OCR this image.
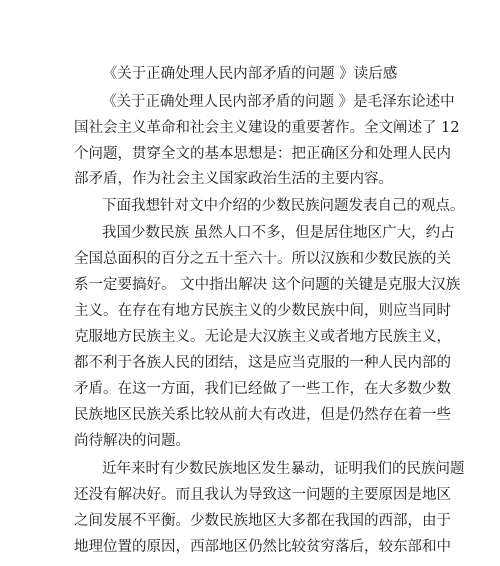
《关于正确处理人民内部矛盾的问题 》读后感
《关于正确处理人民内部矛盾的问题 》是毛泽东论述中
国社会主义革命和社会主义建设的重要著作。全文阐述了 12
个问题，贯穿全文的基本思想是：把正确区分和处理人民内
部矛盾，作为社会主义国家政治生活的主要内容。
下面我想针对文中介绍的少数民族问题发表自己的观点。
我国少数民族 虽然人口不多，但是居住地区广大，约占
全国总面积的百分之五十至六十。所以汉族和少数民族的关
系一定要搞好。 文中指出解决 这个问题的关键是克服大汉族
主义。在存在有地方民族主义的少数民族中间，则应当同时
克服地方民族主义。无论是大汉族主义或者地方民族主义，
都不利于各族人民的团结，这是应当克服的一种人民内部的
矛盾。在这一方面，我们已经做了一些工作，在大多数少数
民族地区民族关系比较从前大有改进，但是仍然存在着一些
尚待解决的问题。
近年来时有少数民族地区发生暴动，证明我们的民族问题
还没有解决好。而且我认为导致这一问题的主要原因是地区
之间发展不平衡。少数民族地区大多都在我国的西部，由于
地理位置的原因，西部地区仍然比较贫穷落后，较东部和中
